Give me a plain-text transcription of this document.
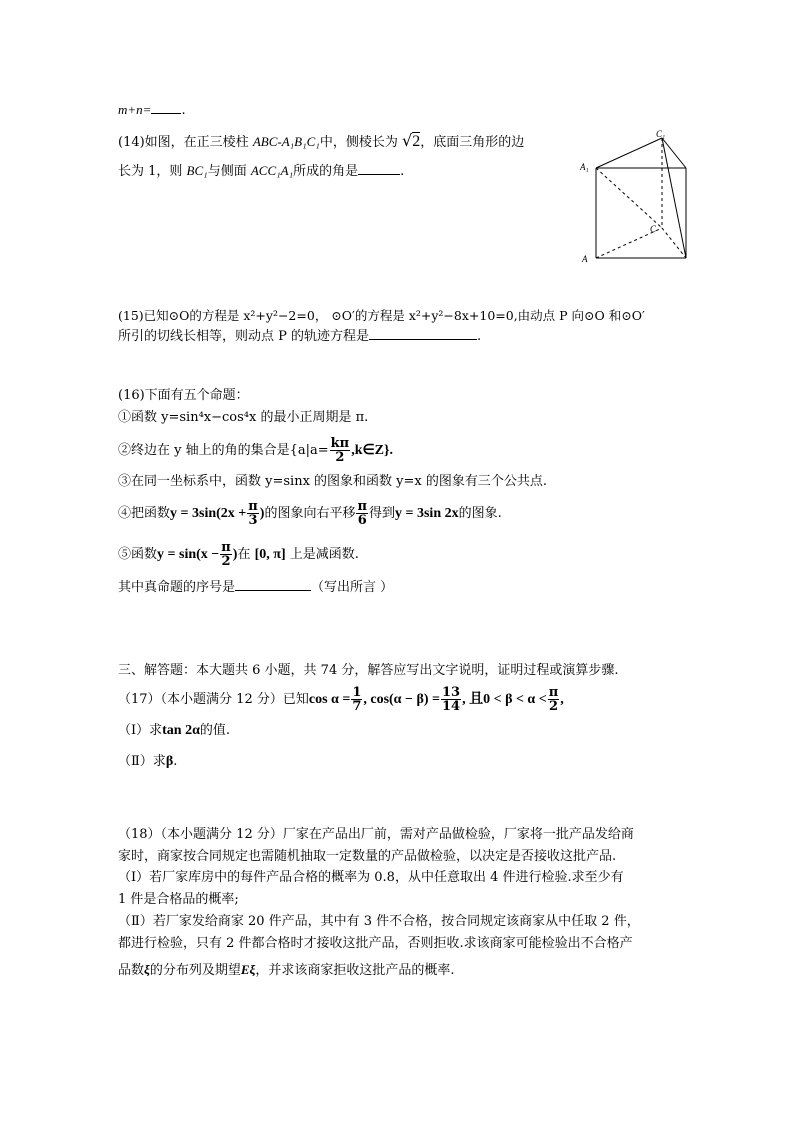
m+n= .
(14)如图，在正三棱柱 ABC-A₁B₁C₁中，侧棱长为 √2，底面三角形的边
长为 1，则 BC₁与侧面 ACC₁A₁所成的角是	.
C₁
A₁
C
A
(15)已知⊙O的方程是 x²+y²−2=0， ⊙O′的方程是 x²+y²−8x+10=0,由动点 P 向⊙O 和⊙O′
所引的切线长相等，则动点 P 的轨迹方程是	.
(16)下面有五个命题：
①函数 y=sin⁴x−cos⁴x 的最小正周期是 π.
②终边在 y 轴上的角的集合是{$a|a= \frac{k\pi}{2}$ ,k∈Z}.
③在同一坐标系中，函数 y=sinx 的图象和函数 y=x 的图象有三个公共点.
④把函数$y = 3\sin(2x + \frac{\pi}{3}$ )的图象向右平移 $\frac{\pi}{6}$ 得到y = 3sin 2x的图象.
⑤函数$y = \sin(x - \frac{\pi}{2}$ )在 [0, π] 上是减函数.
其中真命题的序号是	（写出所言 ）
三、解答题：本大题共 6 小题，共 74 分，解答应写出文字说明，证明过程或演算步骤.
（17）（本小题满分 12 分）已知$\cos \alpha = \frac{1}{7}$ , $\cos(\alpha - \beta) = \frac{13}{14}$ , 且$0 < \beta < \alpha < \frac{\pi}{2}$ ,
（Ⅰ）求tan 2α的值.
（Ⅱ）求β.
（18）（本小题满分 12 分）厂家在产品出厂前，需对产品做检验，厂家将一批产品发给商
家时，商家按合同规定也需随机抽取一定数量的产品做检验，以决定是否接收这批产品.
（Ⅰ）若厂家库房中的每件产品合格的概率为 0.8，从中任意取出 4 件进行检验.求至少有
1 件是合格品的概率;
（Ⅱ）若厂家发给商家 20 件产品，其中有 3 件不合格，按合同规定该商家从中任取 2 件，
都进行检验，只有 2 件都合格时才接收这批产品，否则拒收.求该商家可能检验出不合格产
品数ξ的分布列及期望Eξ，并求该商家拒收这批产品的概率.
